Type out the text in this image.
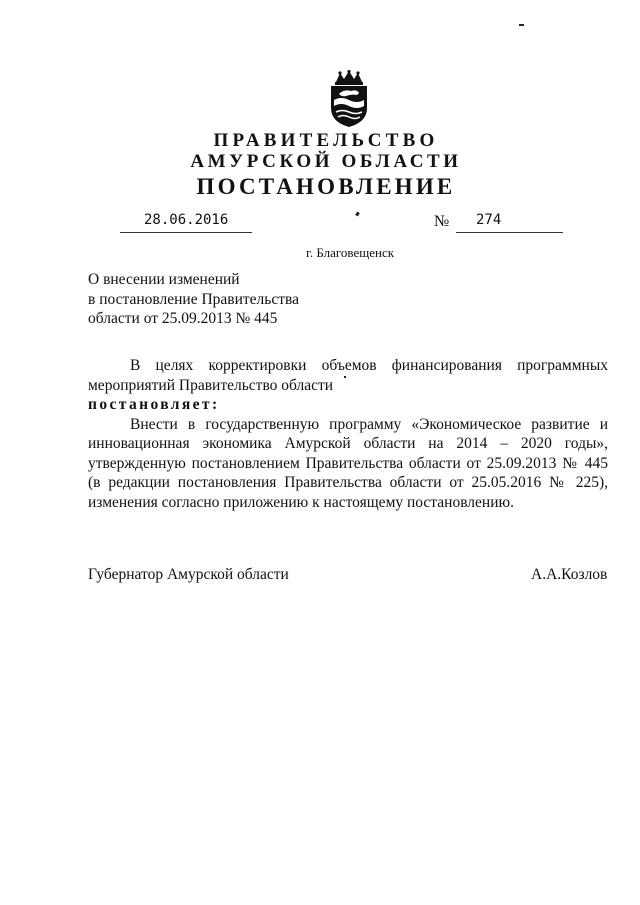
ПРАВИТЕЛЬСТВО
АМУРСКОЙ ОБЛАСТИ
ПОСТАНОВЛЕНИЕ
28.06.2016	№ 274
г. Благовещенск
О внесении изменений
в постановление Правительства
области от 25.09.2013 № 445
В целях корректировки объемов финансирования программных мероприятий Правительство области
постановляет:
Внести в государственную программу «Экономическое развитие и инновационная экономика Амурской области на 2014 – 2020 годы», утвержденную постановлением Правительства области от 25.09.2013 № 445 (в редакции постановления Правительства области от 25.05.2016 № 225), изменения согласно приложению к настоящему постановлению.
Губернатор Амурской области	А.А.Козлов
